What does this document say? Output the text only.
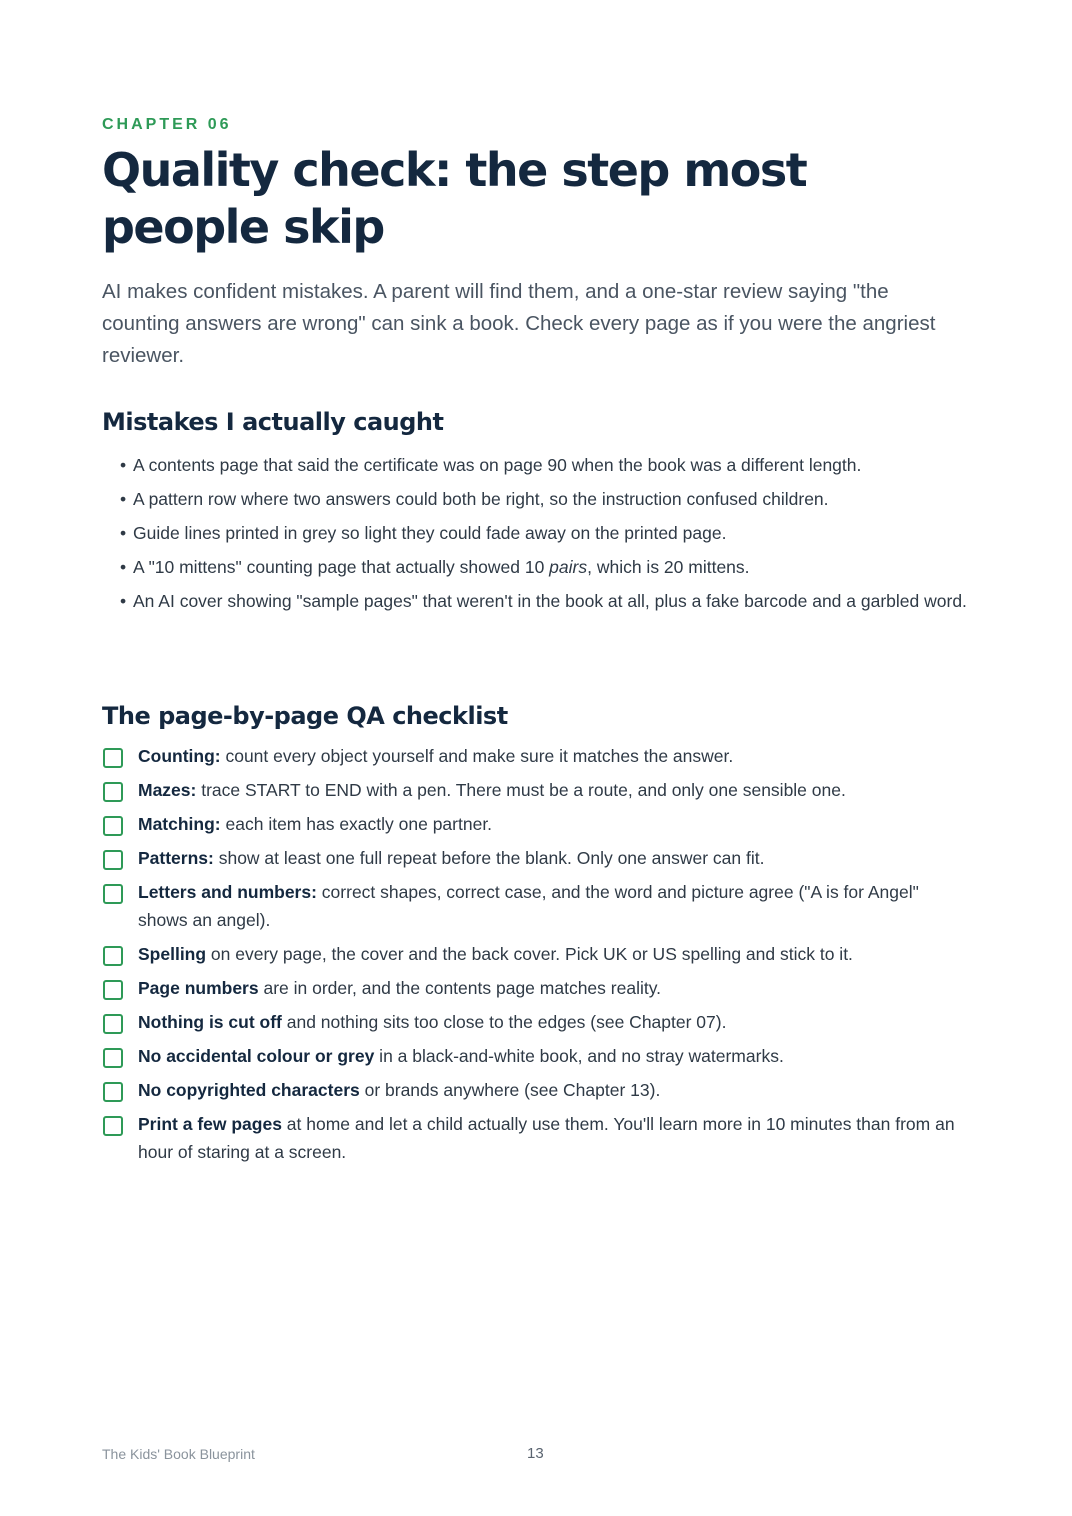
CHAPTER 06
Quality check: the step most people skip

AI makes confident mistakes. A parent will find them, and a one-star review saying "the counting answers are wrong" can sink a book. Check every page as if you were the angriest reviewer.

Mistakes I actually caught
• A contents page that said the certificate was on page 90 when the book was a different length.
• A pattern row where two answers could both be right, so the instruction confused children.
• Guide lines printed in grey so light they could fade away on the printed page.
• A "10 mittens" counting page that actually showed 10 pairs, which is 20 mittens.
• An AI cover showing "sample pages" that weren't in the book at all, plus a fake barcode and a garbled word.
The page-by-page QA checklist
Counting: count every object yourself and make sure it matches the answer.
Mazes: trace START to END with a pen. There must be a route, and only one sensible one.
Matching: each item has exactly one partner.
Patterns: show at least one full repeat before the blank. Only one answer can fit.
Letters and numbers: correct shapes, correct case, and the word and picture agree ("A is for Angel" shows an angel).
Spelling on every page, the cover and the back cover. Pick UK or US spelling and stick to it.
Page numbers are in order, and the contents page matches reality.
Nothing is cut off and nothing sits too close to the edges (see Chapter 07).
No accidental colour or grey in a black-and-white book, and no stray watermarks.
No copyrighted characters or brands anywhere (see Chapter 13).
Print a few pages at home and let a child actually use them. You'll learn more in 10 minutes than from an hour of staring at a screen.
The Kids' Book Blueprint	13
